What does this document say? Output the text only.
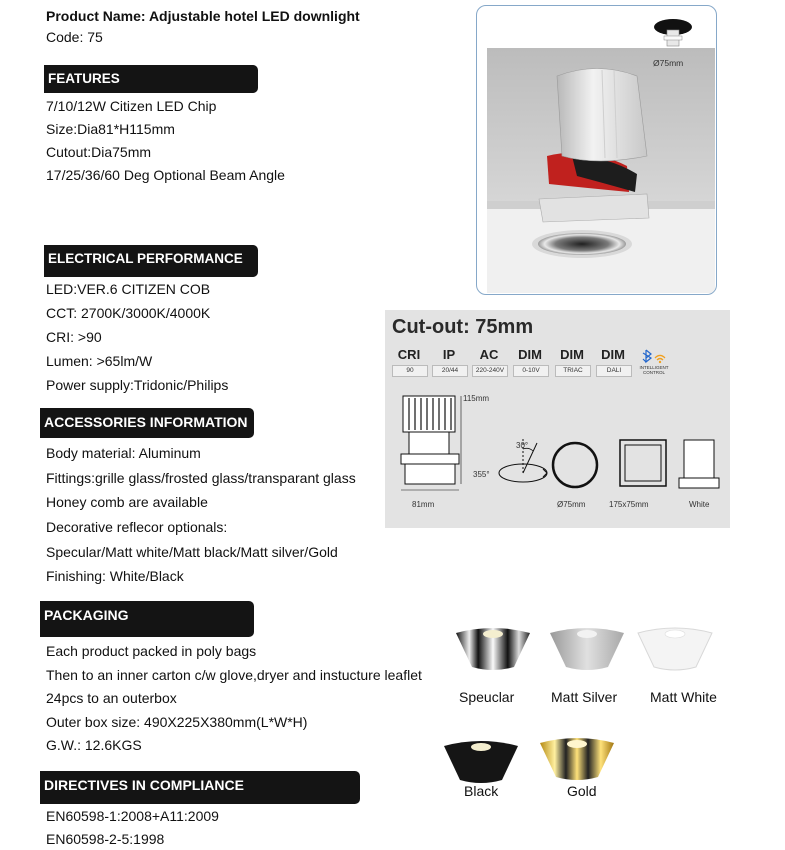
Product Name: Adjustable hotel LED downlight
Code: 75
FEATURES
7/10/12W Citizen LED Chip
Size:Dia81*H115mm
Cutout:Dia75mm
17/25/36/60 Deg Optional Beam Angle
ELECTRICAL PERFORMANCE
LED:VER.6 CITIZEN COB
CCT: 2700K/3000K/4000K
CRI: >90
Lumen: >65lm/W
Power supply:Tridonic/Philips
ACCESSORIES INFORMATION
Body material: Aluminum
Fittings:grille glass/frosted glass/transparant glass
Honey comb are available
Decorative reflecor optionals:
Specular/Matt white/Matt black/Matt silver/Gold
Finishing: White/Black
PACKAGING
Each product packed in poly bags
Then to an inner carton c/w glove,dryer and instucture leaflet
24pcs to an outerbox
Outer box size: 490X225X380mm(L*W*H)
G.W.: 12.6KGS
DIRECTIVES IN COMPLIANCE
EN60598-1:2008+A11:2009
EN60598-2-5:1998
Ø75mm
Cut-out: 75mm
CRI
90
IP
20/44
AC
220-240V
DIM
0-10V
DIM
TRIAC
DIM
DALI	INTELLIGENT CONTROL
115mm
81mm
30°
355°
Ø75mm	175x75mm	White
Speuclar	Matt Silver Matt White
Black	Gold
